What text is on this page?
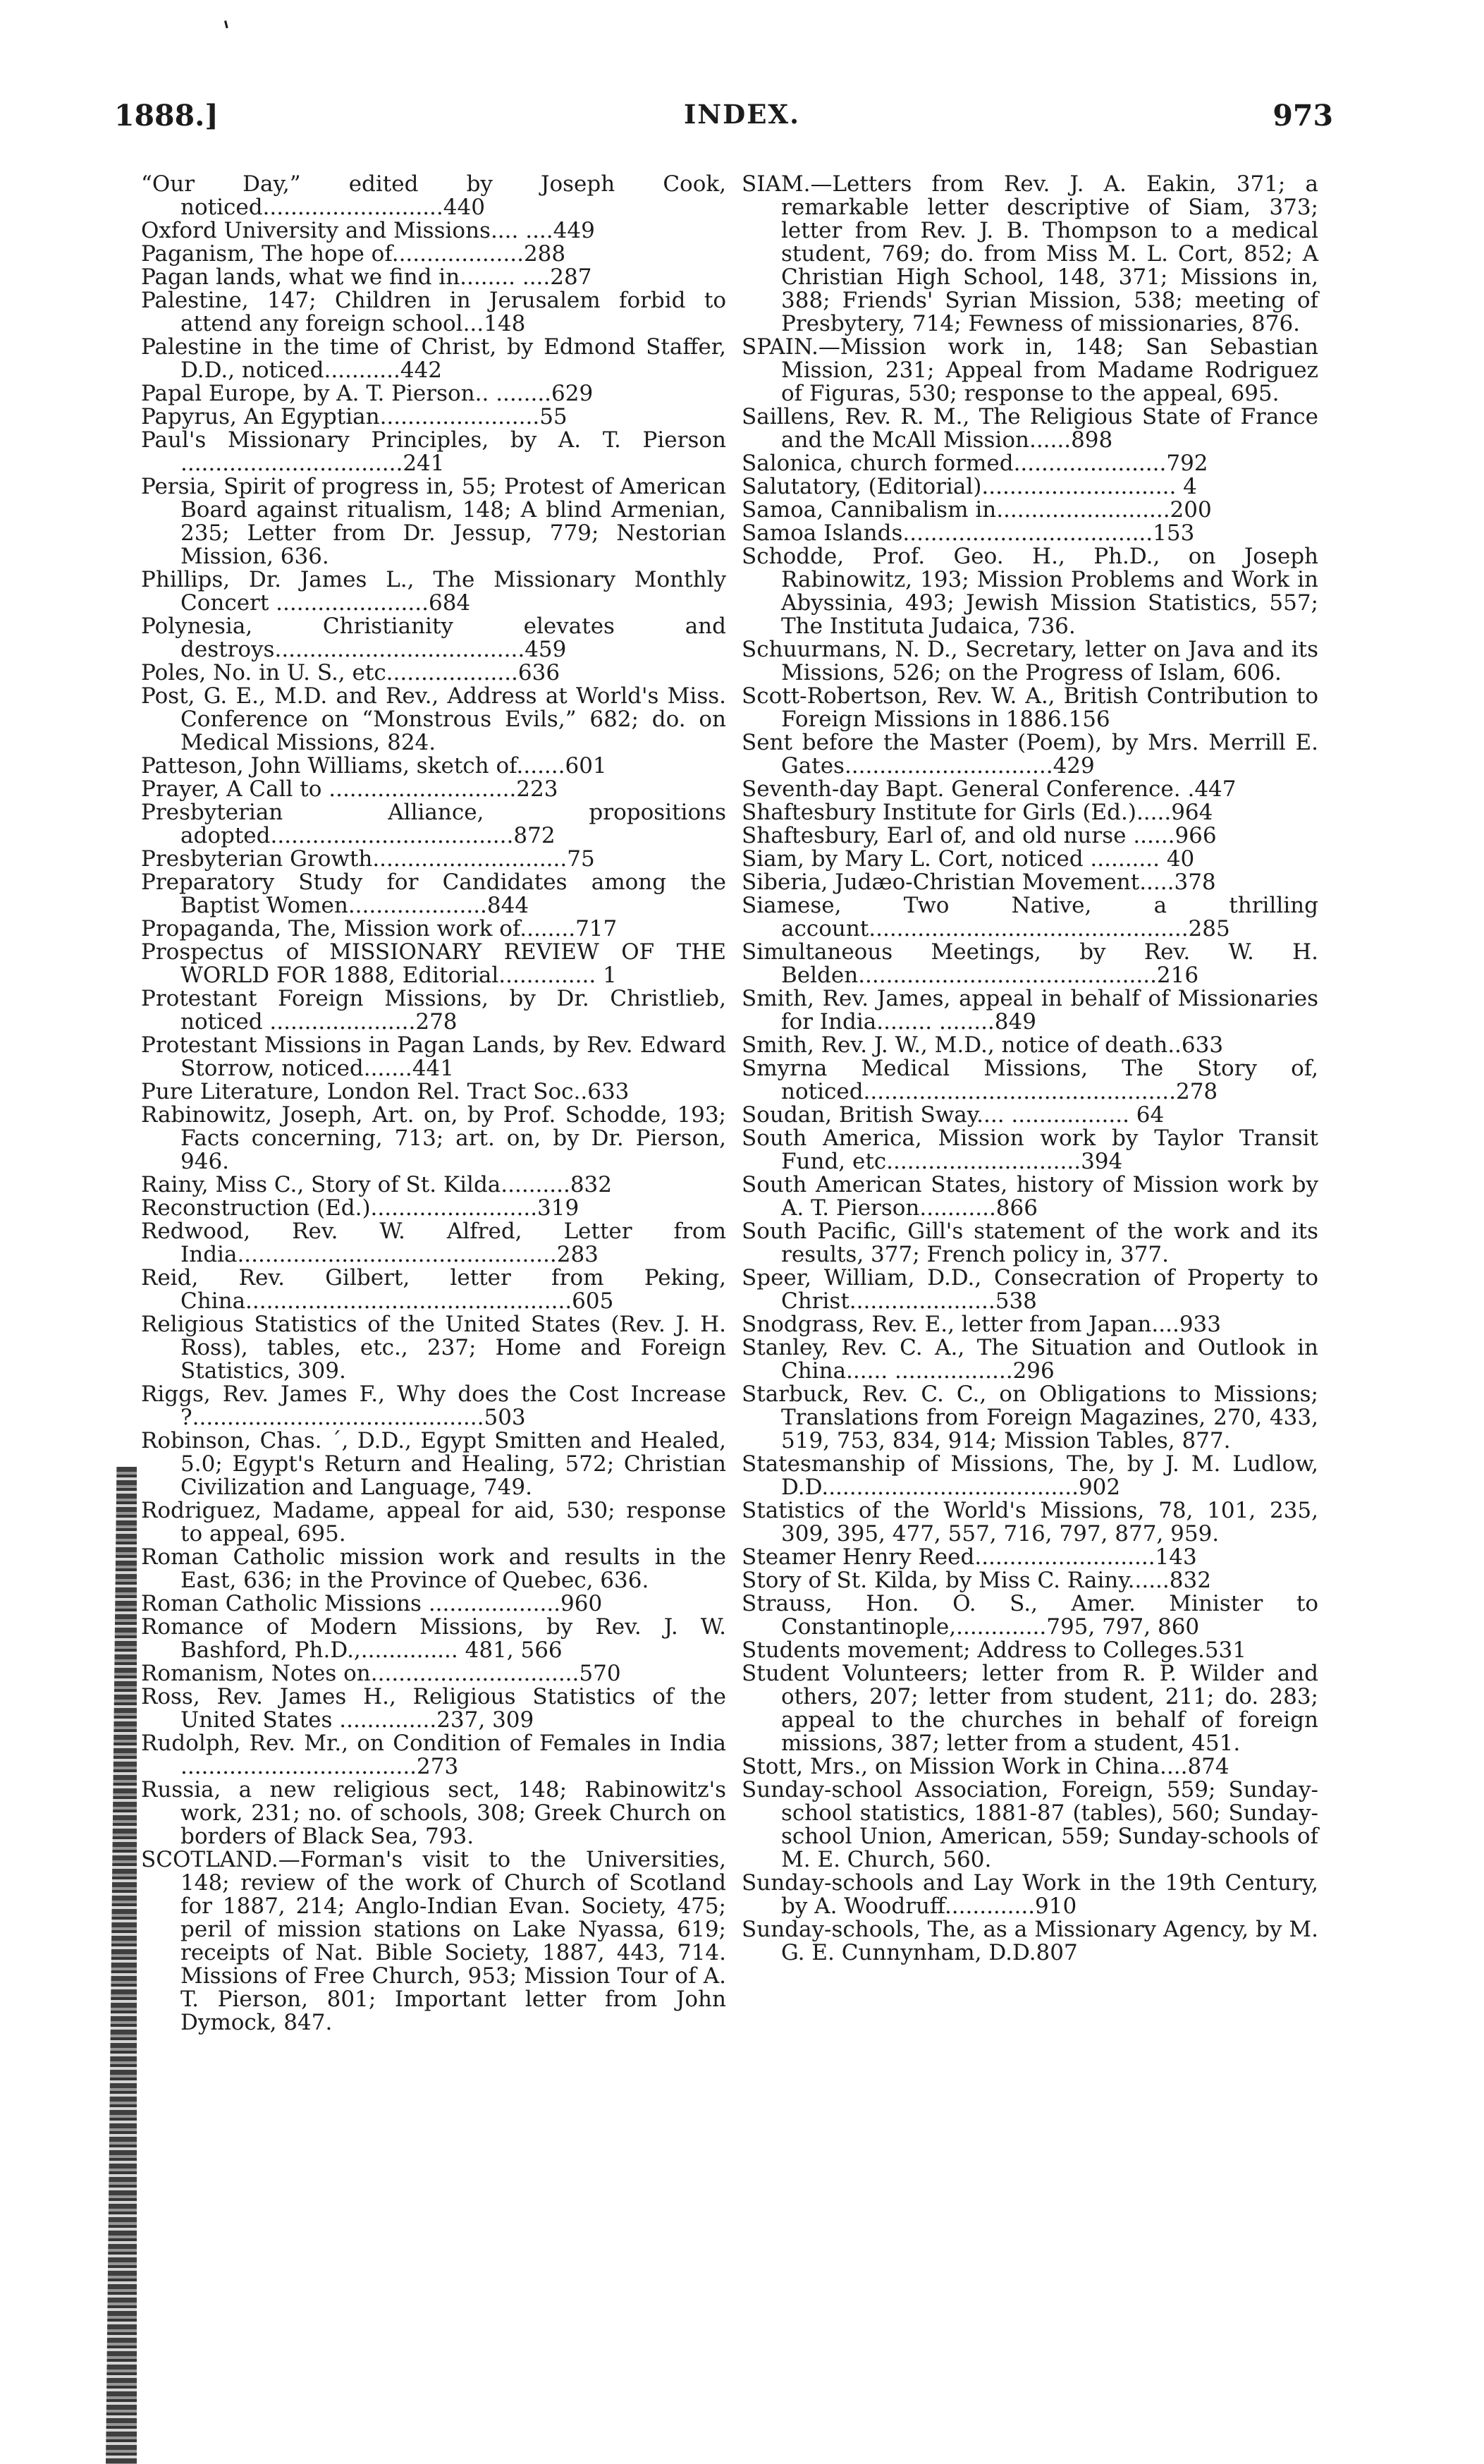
'
INDEX.
1888.]	973

“Our Day,” edited by Joseph Cook, noticed..........................440

Oxford University and Missions.... ....449

Paganism, The hope of...................288

Pagan lands, what we find in........ ....287

Palestine, 147; Children in Jerusalem forbid to attend any foreign school...148

Palestine in the time of Christ, by Edmond Staffer, D.D., noticed...........442

Papal Europe, by A. T. Pierson.. ........629

Papyrus, An Egyptian.......................55

Paul's Missionary Principles, by A. T. Pierson ................................241

Persia, Spirit of progress in, 55; Protest of American Board against ritualism, 148; A blind Armenian, 235; Letter from Dr. Jessup, 779; Nestorian Mission, 636.

Phillips, Dr. James L., The Missionary Monthly Concert ......................684

Polynesia, Christianity elevates and destroys....................................459

Poles, No. in U. S., etc...................636

Post, G. E., M.D. and Rev., Address at World's Miss. Conference on “Monstrous Evils,” 682; do. on Medical Missions, 824.

Patteson, John Williams, sketch of.......601

Prayer, A Call to ...........................223

Presbyterian Alliance, propositions adopted...................................872

Presbyterian Growth............................75

Preparatory Study for Candidates among the Baptist Women....................844

Propaganda, The, Mission work of........717

Prospectus of MISSIONARY REVIEW OF THE WORLD FOR 1888, Editorial.............. 1

Protestant Foreign Missions, by Dr. Christlieb, noticed .....................278

Protestant Missions in Pagan Lands, by Rev. Edward Storrow, noticed.......441

Pure Literature, London Rel. Tract Soc..633

Rabinowitz, Joseph, Art. on, by Prof. Schodde, 193; Facts concerning, 713; art. on, by Dr. Pierson, 946.

Rainy, Miss C., Story of St. Kilda..........832

Reconstruction (Ed.)........................319

Redwood, Rev. W. Alfred, Letter from India..............................................283

Reid, Rev. Gilbert, letter from Peking, China...............................................605

Religious Statistics of the United States (Rev. J. H. Ross), tables, etc., 237; Home and Foreign Statistics, 309.

Riggs, Rev. James F., Why does the Cost Increase ?..........................................503

Robinson, Chas. ´, D.D., Egypt Smitten and Healed, 5.0; Egypt's Return and Healing, 572; Christian Civilization and Language, 749.

Rodriguez, Madame, appeal for aid, 530; response to appeal, 695.

Roman Catholic mission work and results in the East, 636; in the Province of Quebec, 636.

Roman Catholic Missions ...................960

Romance of Modern Missions, by Rev. J. W. Bashford, Ph.D.,.............. 481, 566

Romanism, Notes on..............................570

Ross, Rev. James H., Religious Statistics of the United States ..............237, 309

Rudolph, Rev. Mr., on Condition of Females in India ..................................273

Russia, a new religious sect, 148; Rabinowitz's work, 231; no. of schools, 308; Greek Church on borders of Black Sea, 793.

SCOTLAND.—Forman's visit to the Universities, 148; review of the work of Church of Scotland for 1887, 214; Anglo-Indian Evan. Society, 475; peril of mission stations on Lake Nyassa, 619; receipts of Nat. Bible Society, 1887, 443, 714. Missions of Free Church, 953; Mission Tour of A. T. Pierson, 801; Important letter from John Dymock, 847.

SIAM.—Letters from Rev. J. A. Eakin, 371; a remarkable letter descriptive of Siam, 373; letter from Rev. J. B. Thompson to a medical student, 769; do. from Miss M. L. Cort, 852; A Christian High School, 148, 371; Missions in, 388; Friends' Syrian Mission, 538; meeting of Presbytery, 714; Fewness of missionaries, 876.

SPAIN.—Mission work in, 148; San Sebastian Mission, 231; Appeal from Madame Rodriguez of Figuras, 530; response to the appeal, 695.

Saillens, Rev. R. M., The Religious State of France and the McAll Mission......898

Salonica, church formed......................792

Salutatory, (Editorial)............................ 4

Samoa, Cannibalism in.........................200

Samoa Islands....................................153

Schodde, Prof. Geo. H., Ph.D., on Joseph Rabinowitz, 193; Mission Problems and Work in Abyssinia, 493; Jewish Mission Statistics, 557; The Instituta Judaica, 736.

Schuurmans, N. D., Secretary, letter on Java and its Missions, 526; on the Progress of Islam, 606.

Scott-Robertson, Rev. W. A., British Contribution to Foreign Missions in 1886.156

Sent before the Master (Poem), by Mrs. Merrill E. Gates..............................429

Seventh-day Bapt. General Conference. .447

Shaftesbury Institute for Girls (Ed.).....964

Shaftesbury, Earl of, and old nurse ......966

Siam, by Mary L. Cort, noticed .......... 40

Siberia, Judæo-Christian Movement.....378

Siamese, Two Native, a thrilling account..............................................285

Simultaneous Meetings, by Rev. W. H. Belden...........................................216

Smith, Rev. James, appeal in behalf of Missionaries for India........ ........849

Smith, Rev. J. W., M.D., notice of death..633

Smyrna Medical Missions, The Story of, noticed.............................................278

Soudan, British Sway.... ................. 64

South America, Mission work by Taylor Transit Fund, etc............................394

South American States, history of Mission work by A. T. Pierson...........866

South Pacific, Gill's statement of the work and its results, 377; French policy in, 377.

Speer, William, D.D., Consecration of Property to Christ.....................538

Snodgrass, Rev. E., letter from Japan....933

Stanley, Rev. C. A., The Situation and Outlook in China...... .................296

Starbuck, Rev. C. C., on Obligations to Missions; Translations from Foreign Magazines, 270, 433, 519, 753, 834, 914; Mission Tables, 877.

Statesmanship of Missions, The, by J. M. Ludlow, D.D.....................................902

Statistics of the World's Missions, 78, 101, 235, 309, 395, 477, 557, 716, 797, 877, 959.

Steamer Henry Reed..........................143

Story of St. Kilda, by Miss C. Rainy......832

Strauss, Hon. O. S., Amer. Minister to Constantinople,.............795, 797, 860

Students movement; Address to Colleges.531

Student Volunteers; letter from R. P. Wilder and others, 207; letter from student, 211; do. 283; appeal to the churches in behalf of foreign missions, 387; letter from a student, 451.

Stott, Mrs., on Mission Work in China....874

Sunday-school Association, Foreign, 559; Sunday-school statistics, 1881-87 (tables), 560; Sunday-school Union, American, 559; Sunday-schools of M. E. Church, 560.

Sunday-schools and Lay Work in the 19th Century, by A. Woodruff.............910

Sunday-schools, The, as a Missionary Agency, by M. G. E. Cunnynham, D.D.807
